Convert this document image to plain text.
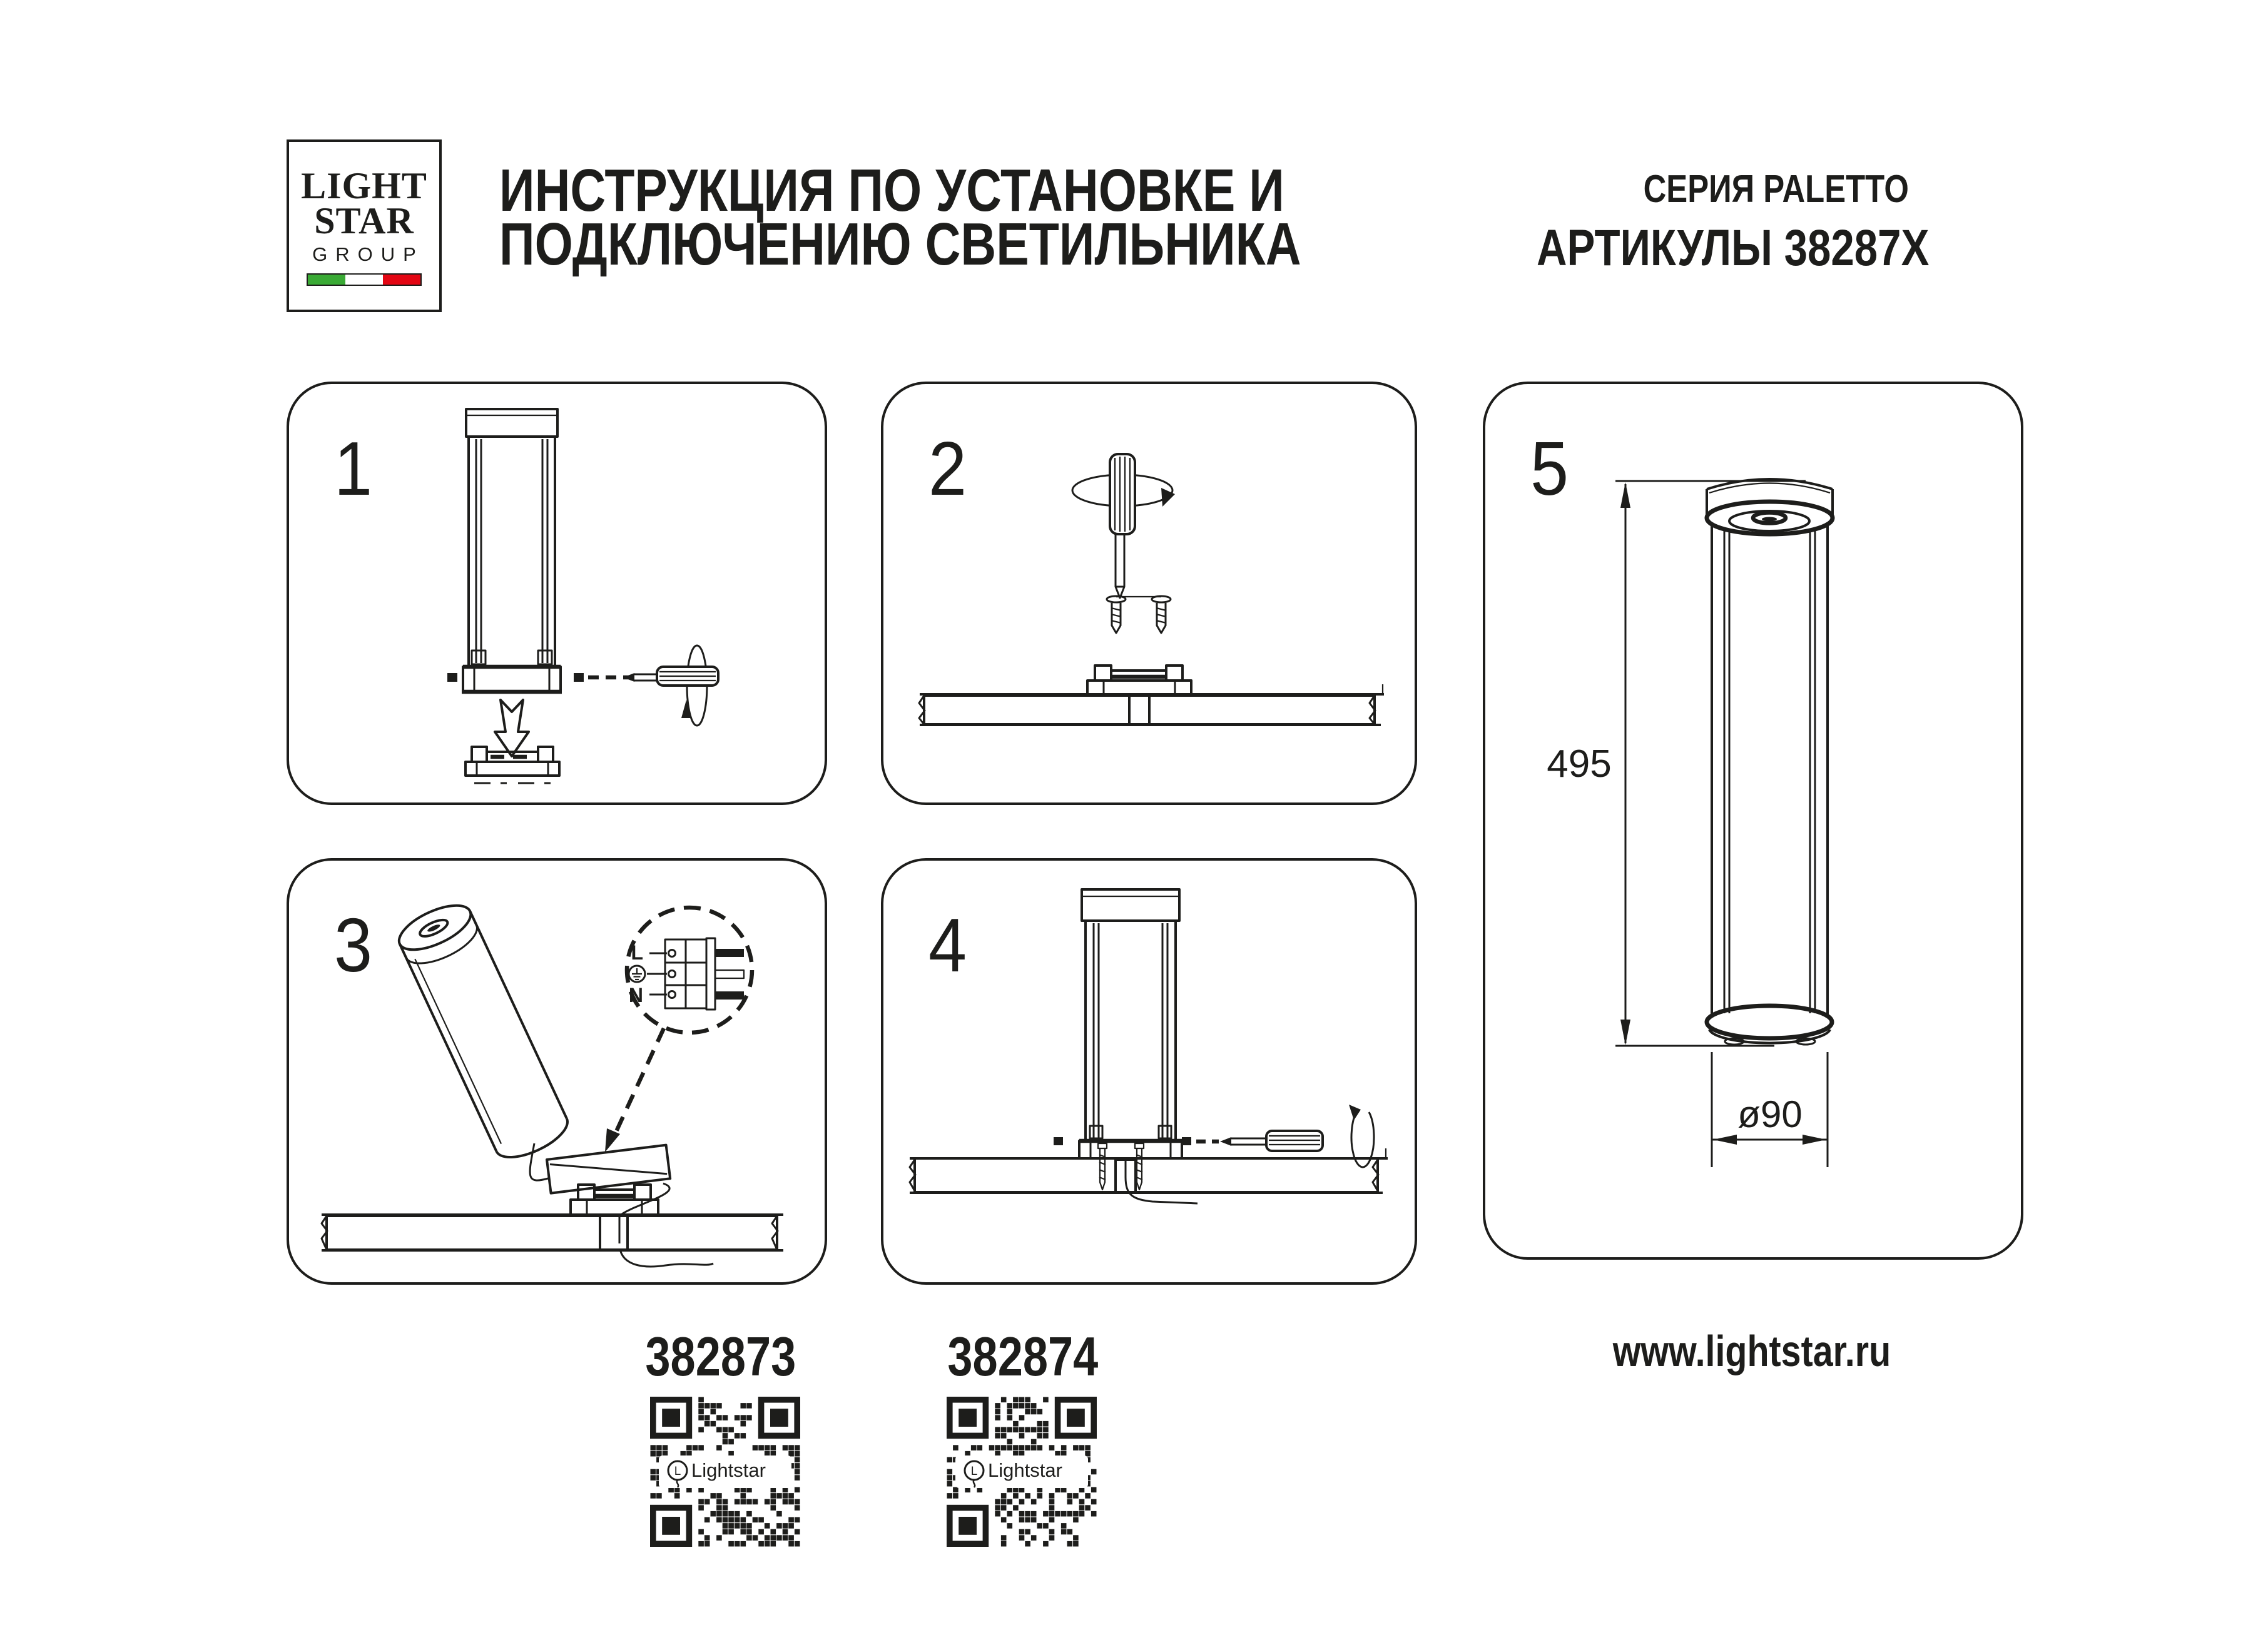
LIGHT
STAR
GROUP
ИНСТРУКЦИЯ ПО УСТАНОВКЕ И
ПОДКЛЮЧЕНИЮ СВЕТИЛЬНИКА
СЕРИЯ PALETTO
АРТИКУЛЫ 38287X
1	2
3	L
N
4
5
495
ø90
382873	382874
L Lightstar	L Lightstar
www.lightstar.ru
